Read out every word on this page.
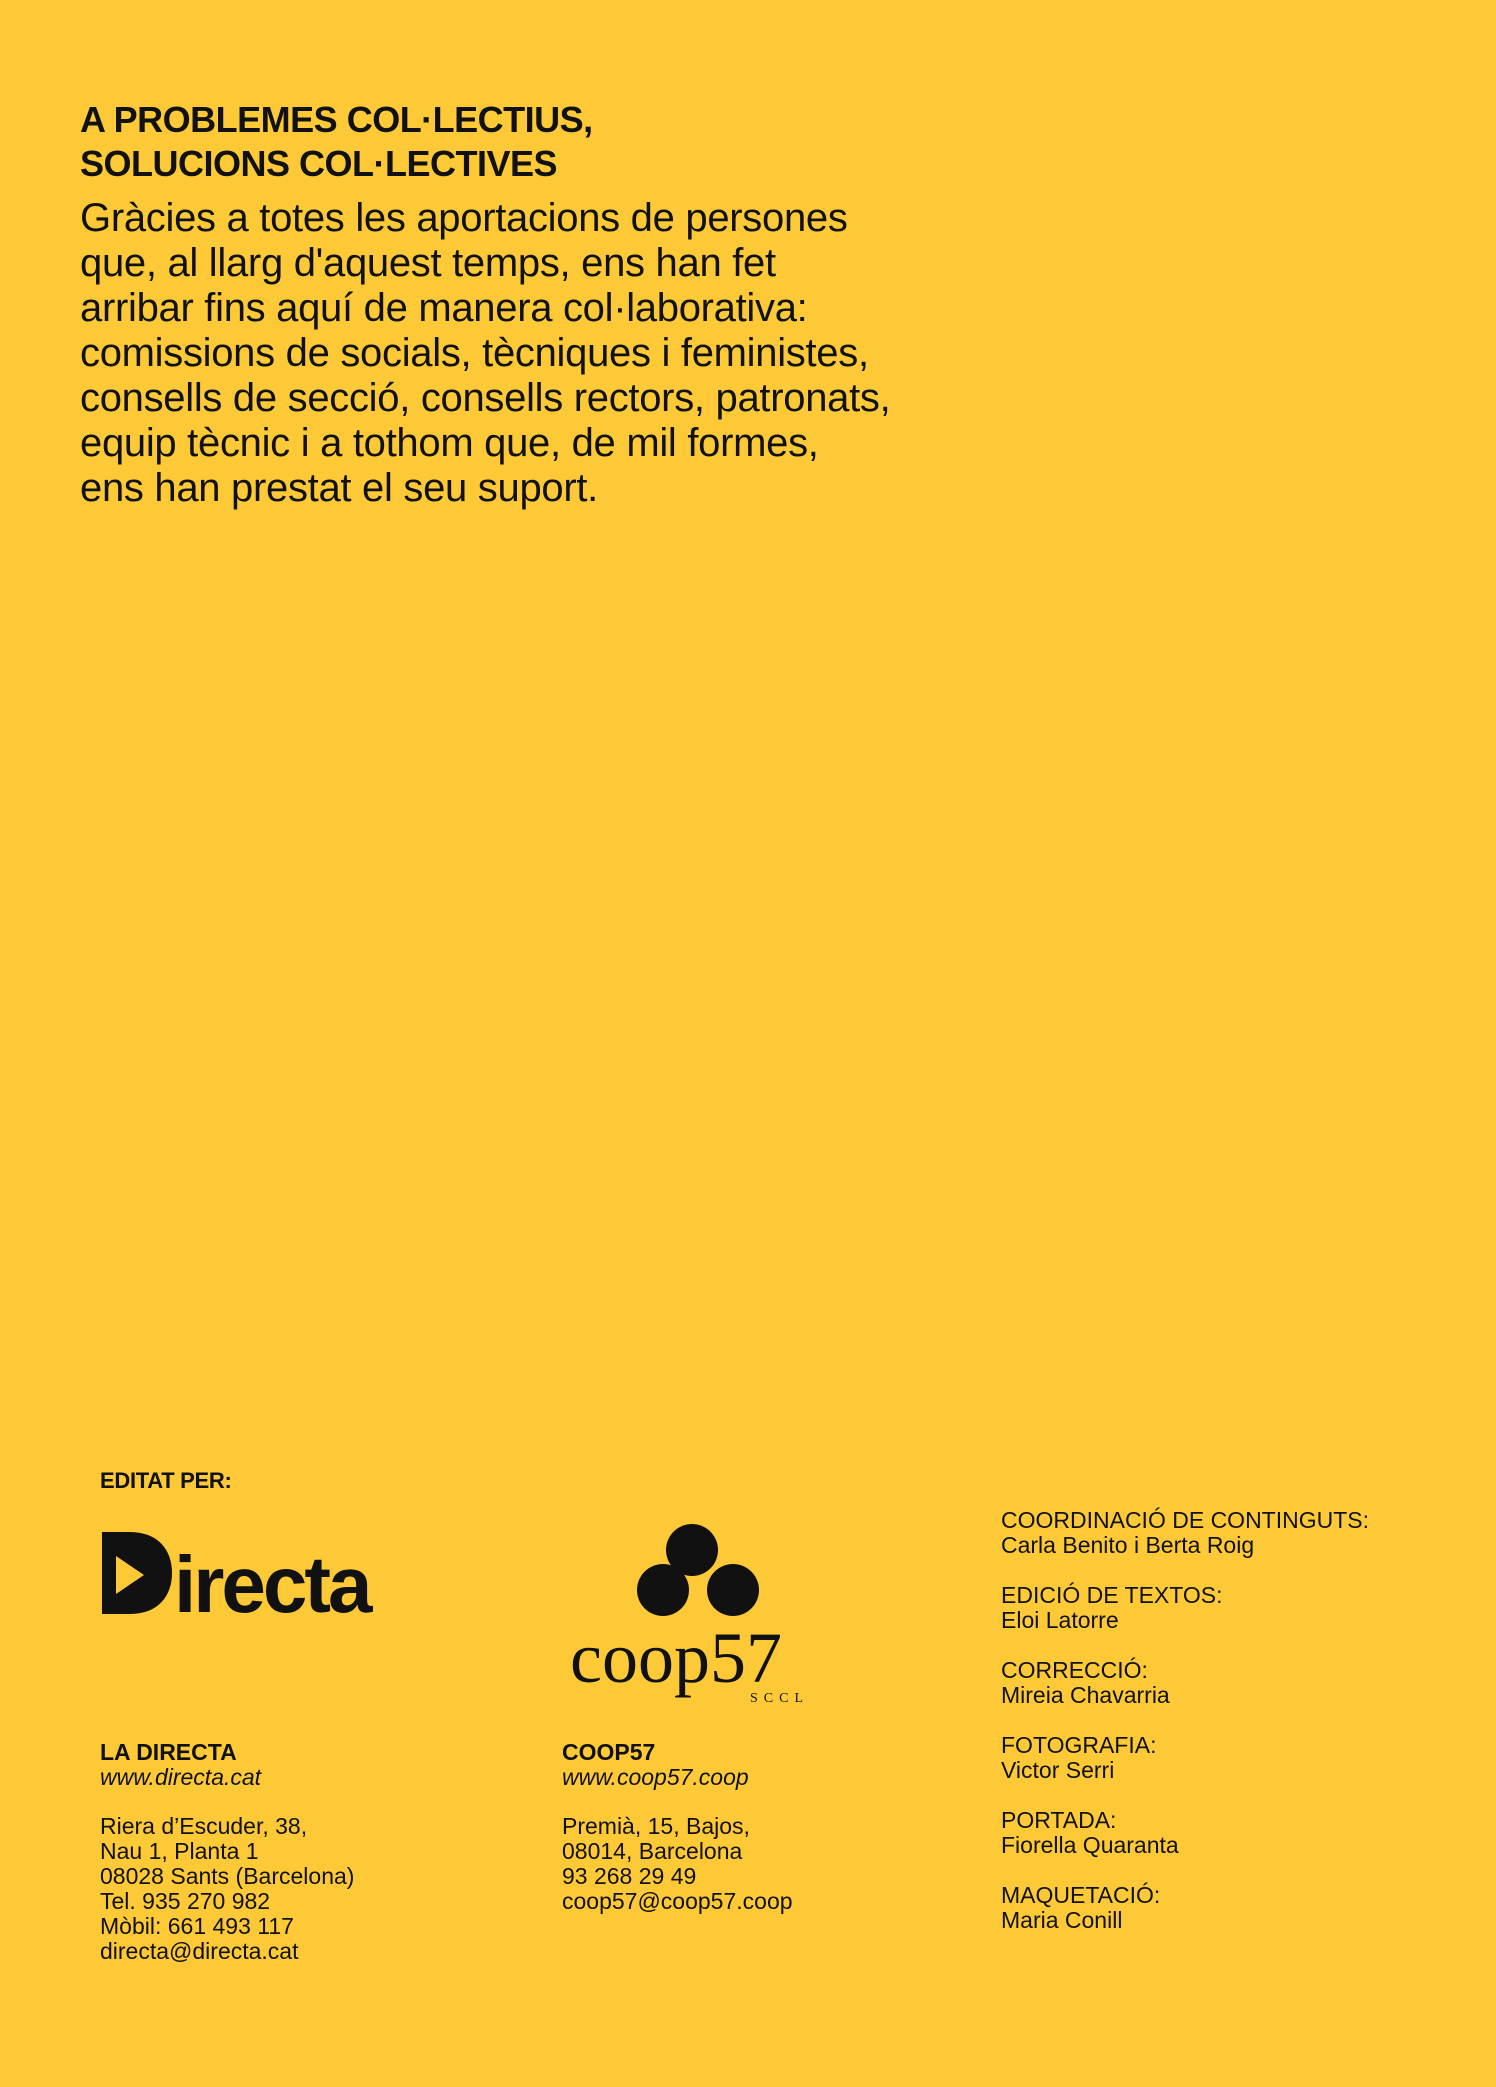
A PROBLEMES COL·LECTIUS,
SOLUCIONS COL·LECTIVES
Gràcies a totes les aportacions de persones
que, al llarg d'aquest temps, ens han fet
arribar fins aquí de manera col·laborativa:
comissions de socials, tècniques i feministes,
consells de secció, consells rectors, patronats,
equip tècnic i a tothom que, de mil formes,
ens han prestat el seu suport.
EDITAT PER:
irecta
coop57
SCCL
LA DIRECTA
www.directa.cat
Riera d’Escuder, 38,
Nau 1, Planta 1
08028 Sants (Barcelona)
Tel. 935 270 982
Mòbil: 661 493 117
directa@directa.cat
COOP57
www.coop57.coop
Premià, 15, Bajos,
08014, Barcelona
93 268 29 49
coop57@coop57.coop
COORDINACIÓ DE CONTINGUTS:
Carla Benito i Berta Roig
EDICIÓ DE TEXTOS:
Eloi Latorre
CORRECCIÓ:
Mireia Chavarria
FOTOGRAFIA:
Victor Serri
PORTADA:
Fiorella Quaranta
MAQUETACIÓ:
Maria Conill
